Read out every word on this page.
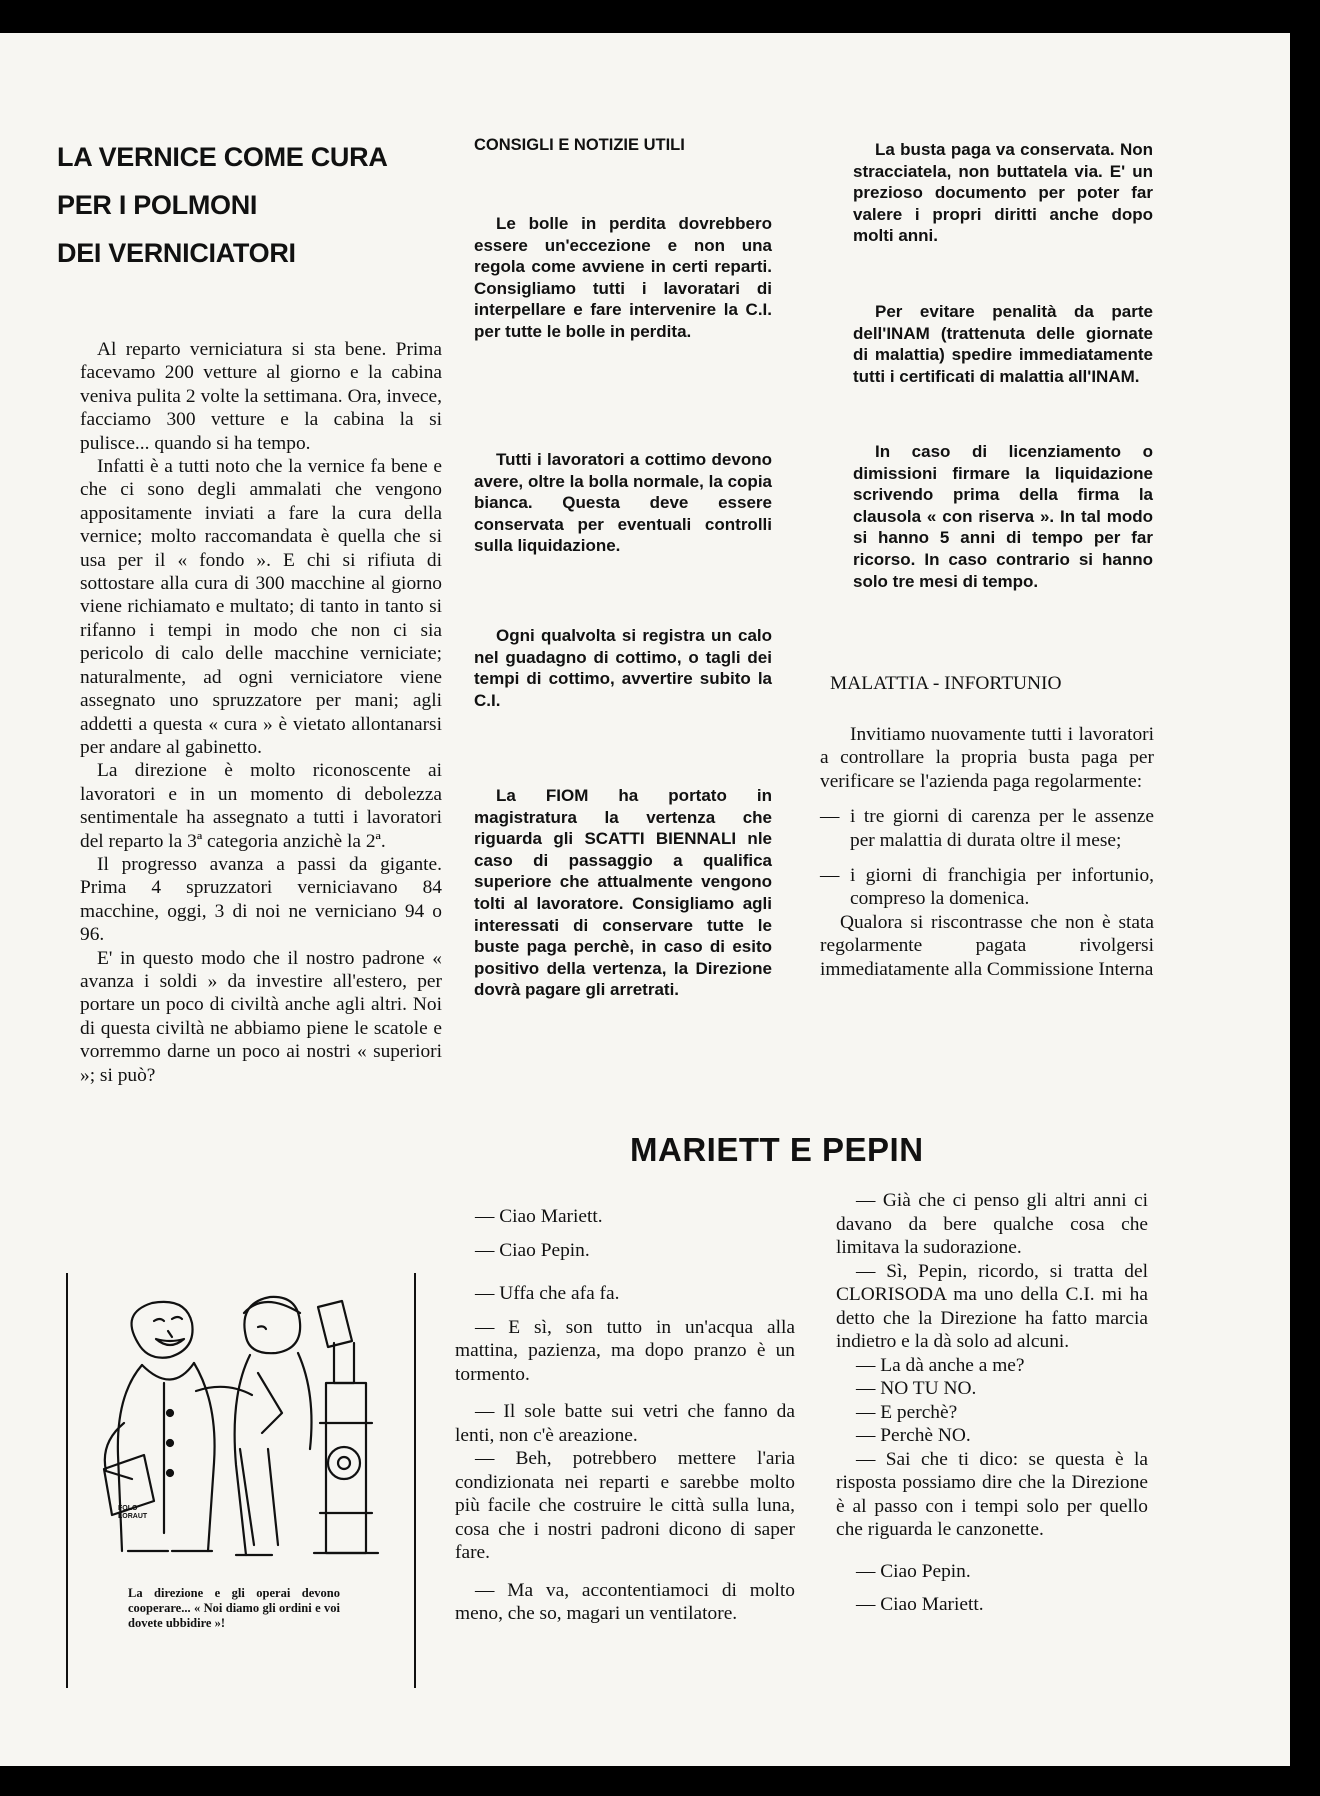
LA VERNICE COME CURA
PER I POLMONI
DEI VERNICIATORI

Al reparto verniciatura si sta bene. Prima facevamo 200 vetture al giorno e la cabina veniva pulita 2 volte la settimana. Ora, invece, facciamo 300 vetture e la cabina la si pulisce... quando si ha tempo.

Infatti è a tutti noto che la vernice fa bene e che ci sono degli ammalati che vengono appositamente inviati a fare la cura della vernice; molto raccomandata è quella che si usa per il « fondo ». E chi si rifiuta di sottostare alla cura di 300 macchine al giorno viene richiamato e multato; di tanto in tanto si rifanno i tempi in modo che non ci sia pericolo di calo delle macchine verniciate; naturalmente, ad ogni verniciatore viene assegnato uno spruzzatore per mani; agli addetti a questa « cura » è vietato allontanarsi per andare al gabinetto.

La direzione è molto riconoscente ai lavoratori e in un momento di debolezza sentimentale ha assegnato a tutti i lavoratori del reparto la 3ª categoria anzichè la 2ª.

Il progresso avanza a passi da gigante. Prima 4 spruzzatori verniciavano 84 macchine, oggi, 3 di noi ne verniciano 94 o 96.

E' in questo modo che il nostro padrone « avanza i soldi » da investire all'estero, per portare un poco di civiltà anche agli altri. Noi di questa civiltà ne abbiamo piene le scatole e vorremmo darne un poco ai nostri « superiori »; si può?

FOLO
LORAUT

La direzione e gli operai devono cooperare... « Noi diamo gli ordini e voi dovete ubbidire »!

CONSIGLI E NOTIZIE UTILI

Le bolle in perdita dovrebbero essere un'eccezione e non una regola come avviene in certi reparti. Consigliamo tutti i lavoratari di interpellare e fare intervenire la C.I. per tutte le bolle in perdita.

Tutti i lavoratori a cottimo devono avere, oltre la bolla normale, la copia bianca. Questa deve essere conservata per eventuali controlli sulla liquidazione.

Ogni qualvolta si registra un calo nel guadagno di cottimo, o tagli dei tempi di cottimo, avvertire subito la C.I.

La FIOM ha portato in magistratura la vertenza che riguarda gli SCATTI BIENNALI nle caso di passaggio a qualifica superiore che attualmente vengono tolti al lavoratore. Consigliamo agli interessati di conservare tutte le buste paga perchè, in caso di esito positivo della vertenza, la Direzione dovrà pagare gli arretrati.

La busta paga va conservata. Non stracciatela, non buttatela via. E' un prezioso documento per poter far valere i propri diritti anche dopo molti anni.

Per evitare penalità da parte dell'INAM (trattenuta delle giornate di malattia) spedire immediatamente tutti i certificati di malattia all'INAM.

In caso di licenziamento o dimissioni firmare la liquidazione scrivendo prima della firma la clausola « con riserva ». In tal modo si hanno 5 anni di tempo per far ricorso. In caso contrario si hanno solo tre mesi di tempo.

MALATTIA - INFORTUNIO

Invitiamo nuovamente tutti i lavoratori a controllare la propria busta paga per verificare se l'azienda paga regolarmente:

— i tre giorni di carenza per le assenze per malattia di durata oltre il mese;
— i giorni di franchigia per infortunio, compreso la domenica.

Qualora si riscontrasse che non è stata regolarmente pagata rivolgersi immediatamente alla Commissione Interna

MARIETT E PEPIN

— Ciao Mariett.

— Ciao Pepin.

— Uffa che afa fa.

— E sì, son tutto in un'acqua alla mattina, pazienza, ma dopo pranzo è un tormento.

— Il sole batte sui vetri che fanno da lenti, non c'è areazione.

— Beh, potrebbero mettere l'aria condizionata nei reparti e sarebbe molto più facile che costruire le città sulla luna, cosa che i nostri padroni dicono di saper fare.

— Ma va, accontentiamoci di molto meno, che so, magari un ventilatore.

— Già che ci penso gli altri anni ci davano da bere qualche cosa che limitava la sudorazione.

— Sì, Pepin, ricordo, si tratta del CLORISODA ma uno della C.I. mi ha detto che la Direzione ha fatto marcia indietro e la dà solo ad alcuni.

— La dà anche a me?

— NO TU NO.

— E perchè?

— Perchè NO.

— Sai che ti dico: se questa è la risposta possiamo dire che la Direzione è al passo con i tempi solo per quello che riguarda le canzonette.

— Ciao Pepin.

— Ciao Mariett.
